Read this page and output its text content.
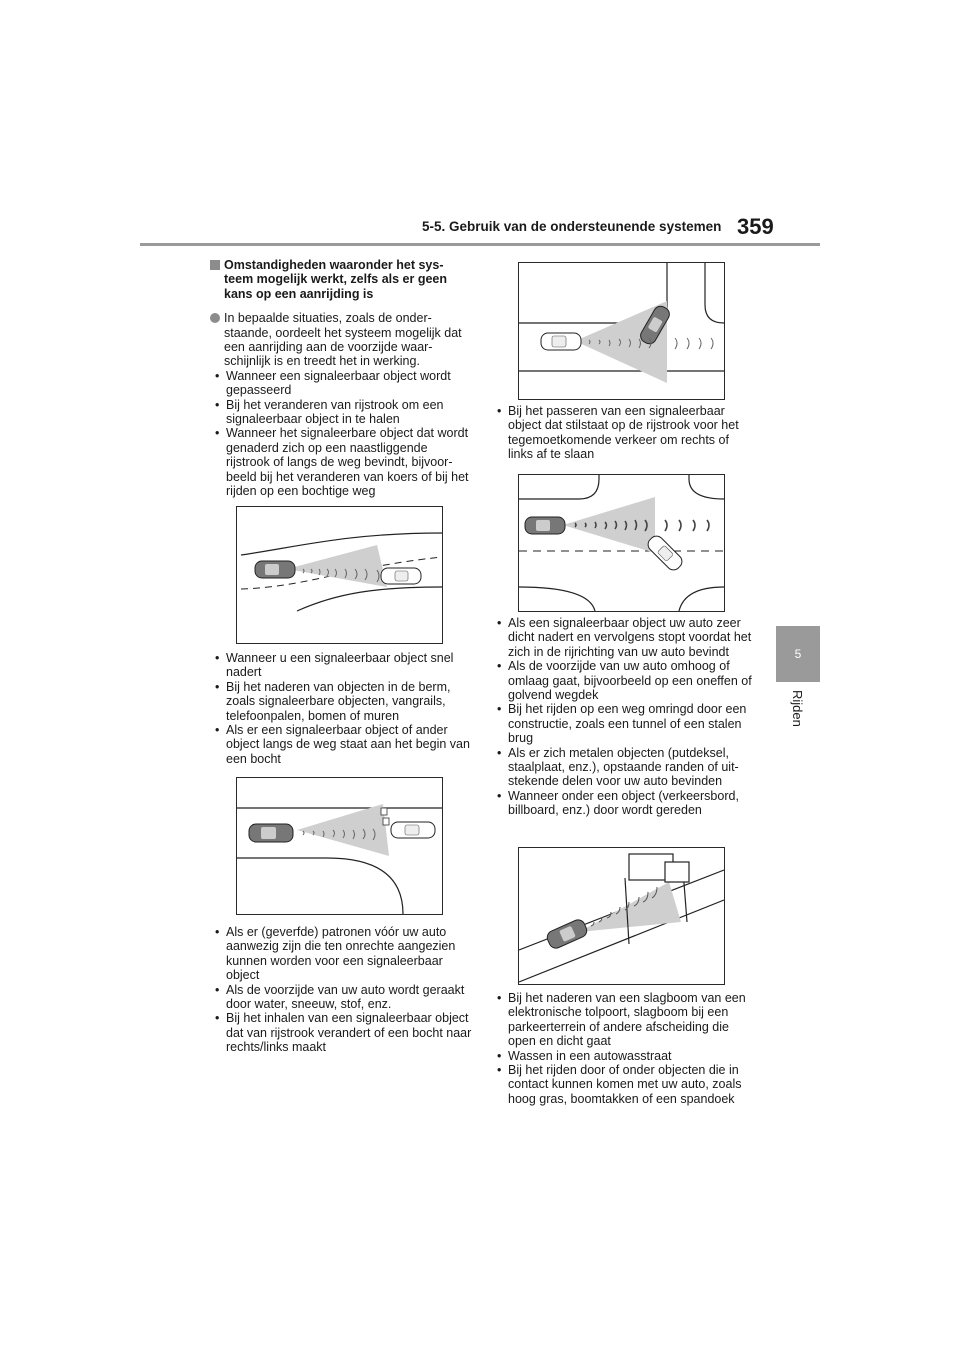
5-5. Gebruik van de ondersteunende systemen 359
5
Rijden

Omstandigheden waaronder het sys-teem mogelijk werkt, zelfs als er geen kans op een aanrijding is

In bepaalde situaties, zoals de onder-staande, oordeelt het systeem mogelijk dat een aanrijding aan de voorzijde waar-schijnlijk is en treedt het in werking.

• Wanneer een signaleerbaar object wordt gepasseerd
• Bij het veranderen van rijstrook om een signaleerbaar object in te halen
• Wanneer het signaleerbare object dat wordt genaderd zich op een naastliggende rijstrook of langs de weg bevindt, bijvoor-beeld bij het veranderen van koers of bij het rijden op een bochtige weg
• Wanneer u een signaleerbaar object snel nadert
• Bij het naderen van objecten in de berm, zoals signaleerbare objecten, vangrails, telefoonpalen, bomen of muren
• Als er een signaleerbaar object of ander object langs de weg staat aan het begin van een bocht
• Als er (geverfde) patronen vóór uw auto aanwezig zijn die ten onrechte aangezien kunnen worden voor een signaleerbaar object
• Als de voorzijde van uw auto wordt geraakt door water, sneeuw, stof, enz.
• Bij het inhalen van een signaleerbaar object dat van rijstrook verandert of een bocht naar rechts/links maakt
• Bij het passeren van een signaleerbaar object dat stilstaat op de rijstrook voor het tegemoetkomende verkeer om rechts of links af te slaan
• Als een signaleerbaar object uw auto zeer dicht nadert en vervolgens stopt voordat het zich in de rijrichting van uw auto bevindt
• Als de voorzijde van uw auto omhoog of omlaag gaat, bijvoorbeeld op een oneffen of golvend wegdek
• Bij het rijden op een weg omringd door een constructie, zoals een tunnel of een stalen brug
• Als er zich metalen objecten (putdeksel, staalplaat, enz.), opstaande randen of uit-stekende delen voor uw auto bevinden
• Wanneer onder een object (verkeersbord, billboard, enz.) door wordt gereden
• Bij het naderen van een slagboom van een elektronische tolpoort, slagboom bij een parkeerterrein of andere afscheiding die open en dicht gaat
• Wassen in een autowasstraat
• Bij het rijden door of onder objecten die in contact kunnen komen met uw auto, zoals hoog gras, boomtakken of een spandoek
